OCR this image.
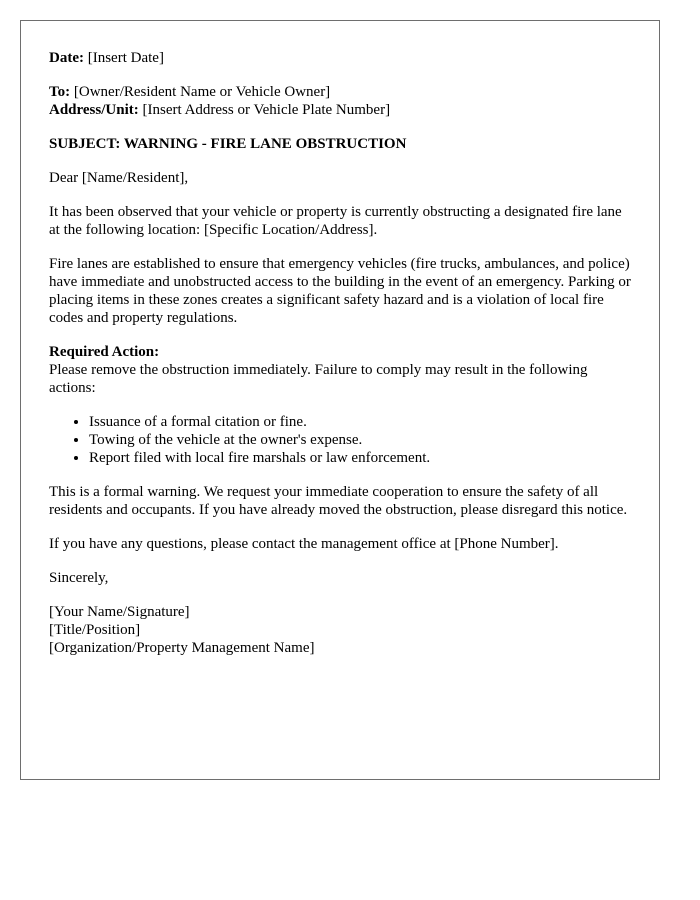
Date: [Insert Date]

To: [Owner/Resident Name or Vehicle Owner]
Address/Unit: [Insert Address or Vehicle Plate Number]

SUBJECT: WARNING - FIRE LANE OBSTRUCTION

Dear [Name/Resident],

It has been observed that your vehicle or property is currently obstructing a designated fire lane at the following location: [Specific Location/Address].

Fire lanes are established to ensure that emergency vehicles (fire trucks, ambulances, and police) have immediate and unobstructed access to the building in the event of an emergency. Parking or placing items in these zones creates a significant safety hazard and is a violation of local fire codes and property regulations.

Required Action:

Please remove the obstruction immediately. Failure to comply may result in the following actions:

• Issuance of a formal citation or fine.
• Towing of the vehicle at the owner's expense.
• Report filed with local fire marshals or law enforcement.

This is a formal warning. We request your immediate cooperation to ensure the safety of all residents and occupants. If you have already moved the obstruction, please disregard this notice.

If you have any questions, please contact the management office at [Phone Number].

Sincerely,

[Your Name/Signature]
[Title/Position]
[Organization/Property Management Name]
